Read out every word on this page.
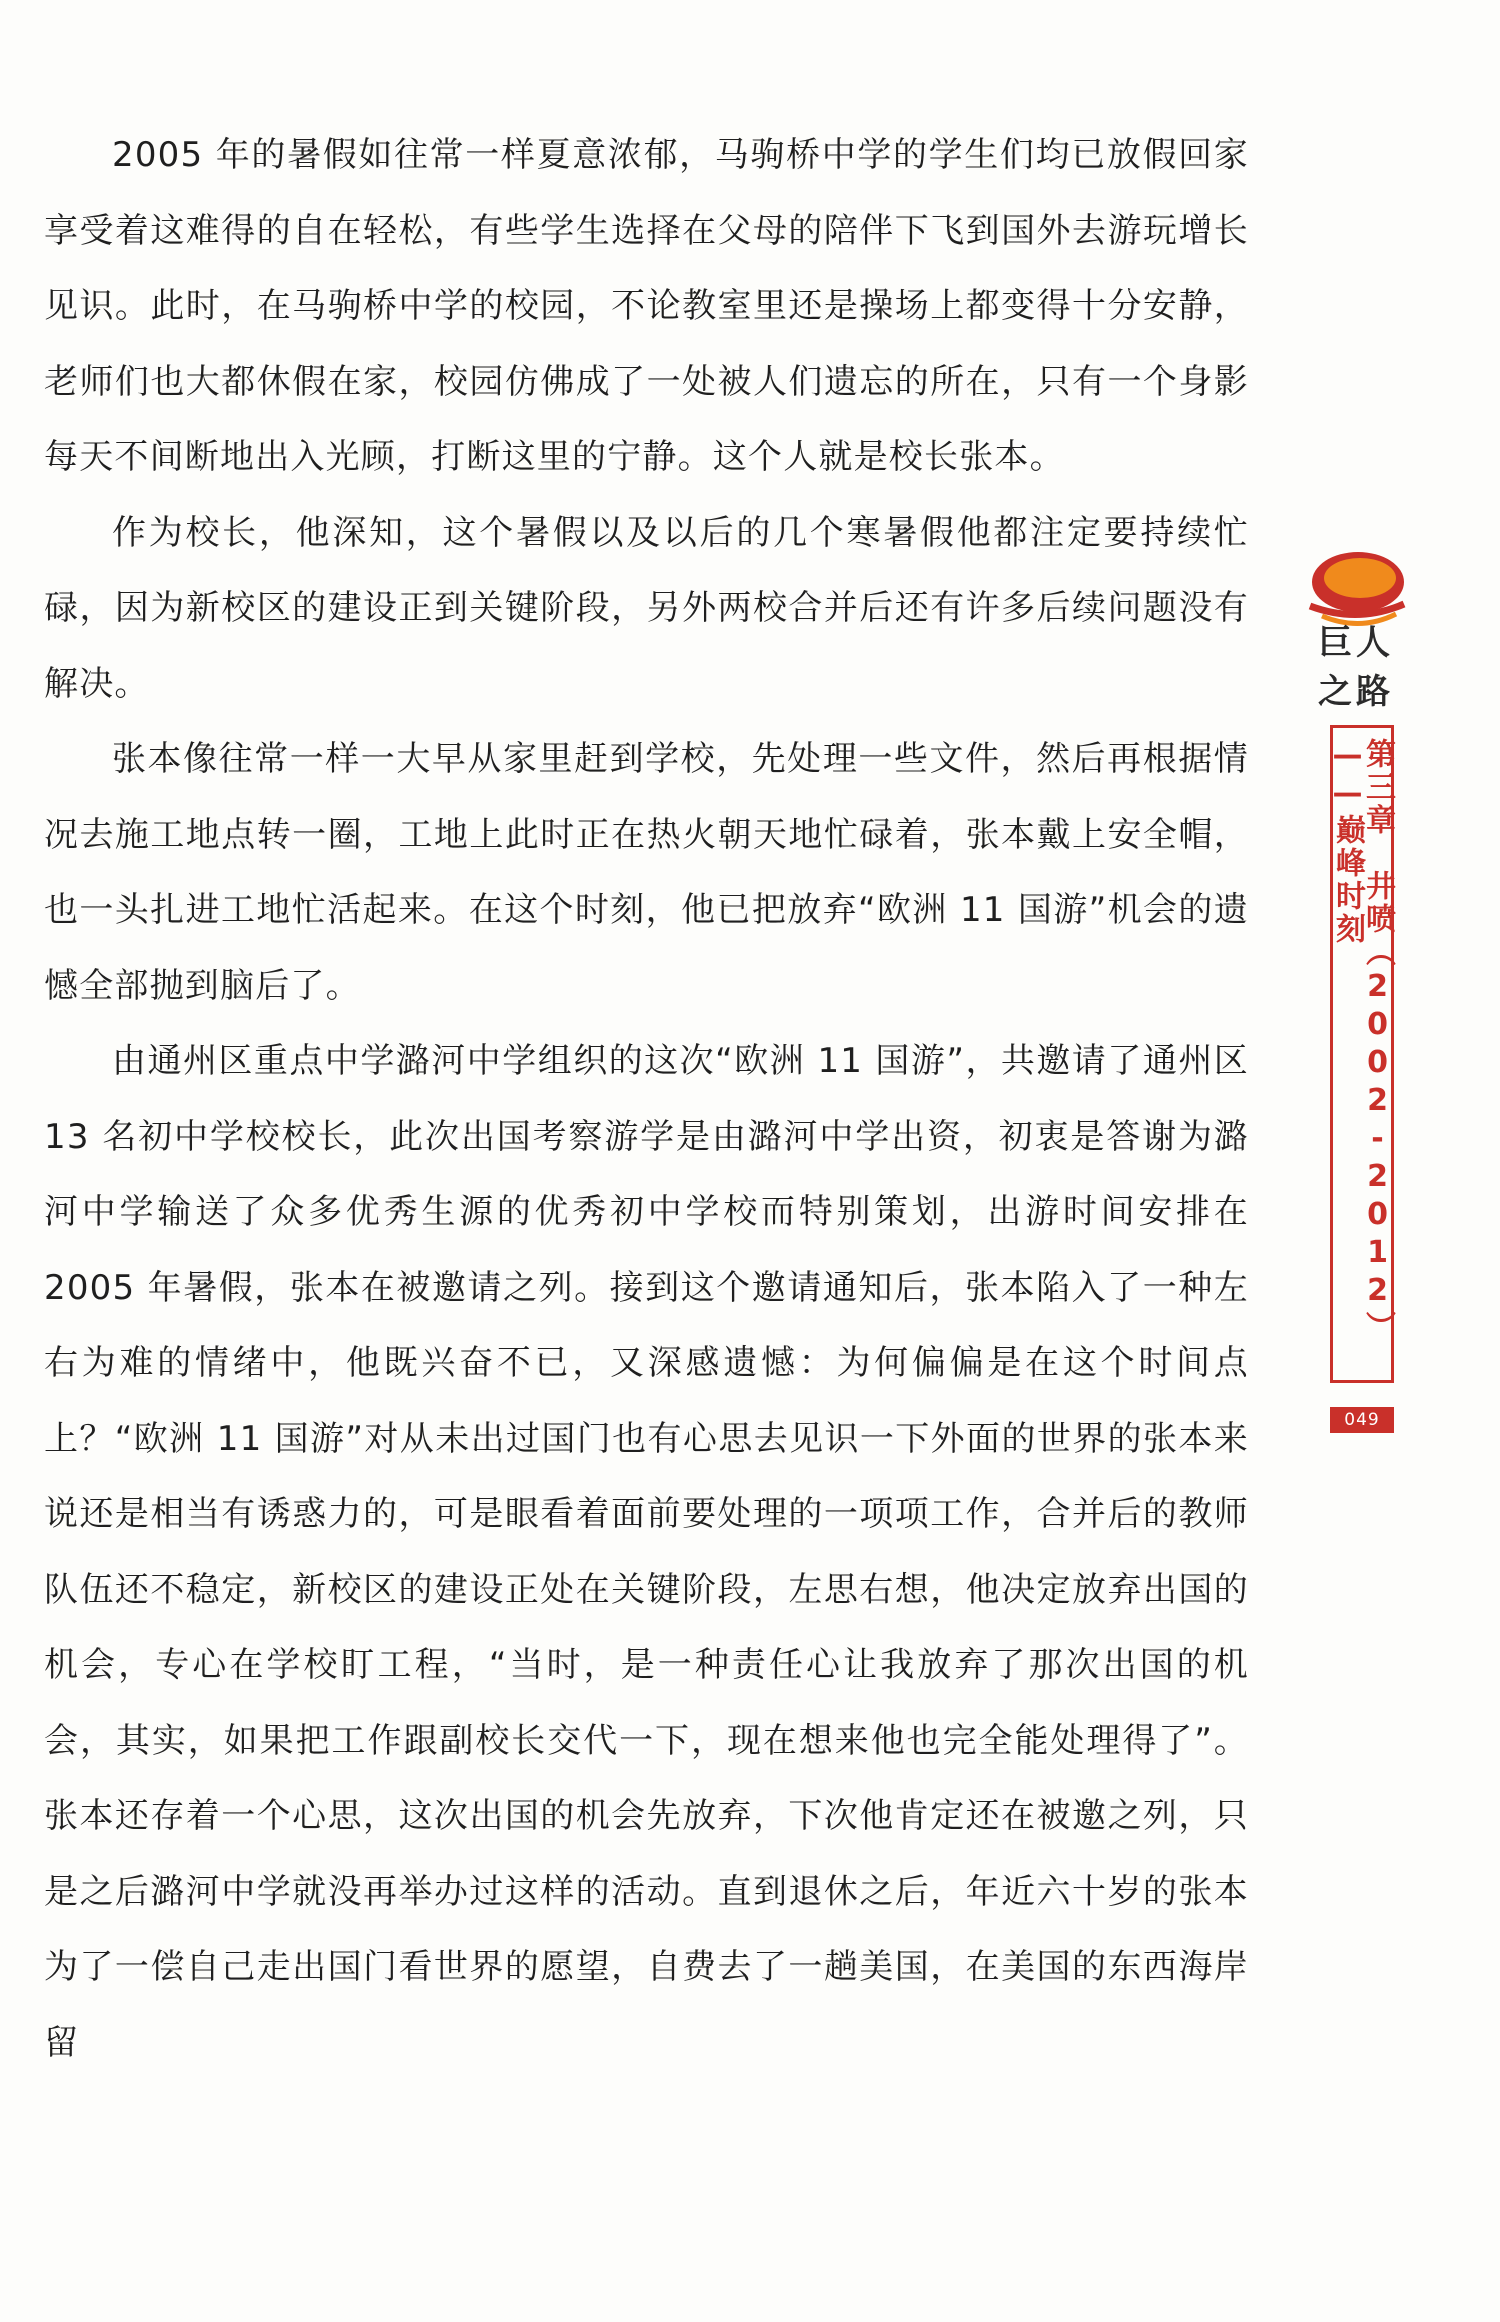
2005 年的暑假如往常一样夏意浓郁，马驹桥中学的学生们均已放假回家享受着这难得的自在轻松，有些学生选择在父母的陪伴下飞到国外去游玩增长见识。此时，在马驹桥中学的校园，不论教室里还是操场上都变得十分安静，老师们也大都休假在家，校园仿佛成了一处被人们遗忘的所在，只有一个身影每天不间断地出入光顾，打断这里的宁静。这个人就是校长张本。

作为校长，他深知，这个暑假以及以后的几个寒暑假他都注定要持续忙碌，因为新校区的建设正到关键阶段，另外两校合并后还有许多后续问题没有解决。

张本像往常一样一大早从家里赶到学校，先处理一些文件，然后再根据情况去施工地点转一圈，工地上此时正在热火朝天地忙碌着，张本戴上安全帽，也一头扎进工地忙活起来。在这个时刻，他已把放弃“欧洲 11 国游”机会的遗憾全部抛到脑后了。

由通州区重点中学潞河中学组织的这次“欧洲 11 国游”，共邀请了通州区 13 名初中学校校长，此次出国考察游学是由潞河中学出资，初衷是答谢为潞河中学输送了众多优秀生源的优秀初中学校而特别策划，出游时间安排在 2005 年暑假，张本在被邀请之列。接到这个邀请通知后，张本陷入了一种左右为难的情绪中，他既兴奋不已，又深感遗憾：为何偏偏是在这个时间点上？“欧洲 11 国游”对从未出过国门也有心思去见识一下外面的世界的张本来说还是相当有诱惑力的，可是眼看着面前要处理的一项项工作，合并后的教师队伍还不稳定，新校区的建设正处在关键阶段，左思右想，他决定放弃出国的机会，专心在学校盯工程，“当时，是一种责任心让我放弃了那次出国的机会，其实，如果把工作跟副校长交代一下，现在想来他也完全能处理得了”。张本还存着一个心思，这次出国的机会先放弃，下次他肯定还在被邀之列，只是之后潞河中学就没再举办过这样的活动。直到退休之后，年近六十岁的张本为了一偿自己走出国门看世界的愿望，自费去了一趟美国，在美国的东西海岸留

巨人之路
第三章　井喷（2002-2012）——巅峰时刻
049
